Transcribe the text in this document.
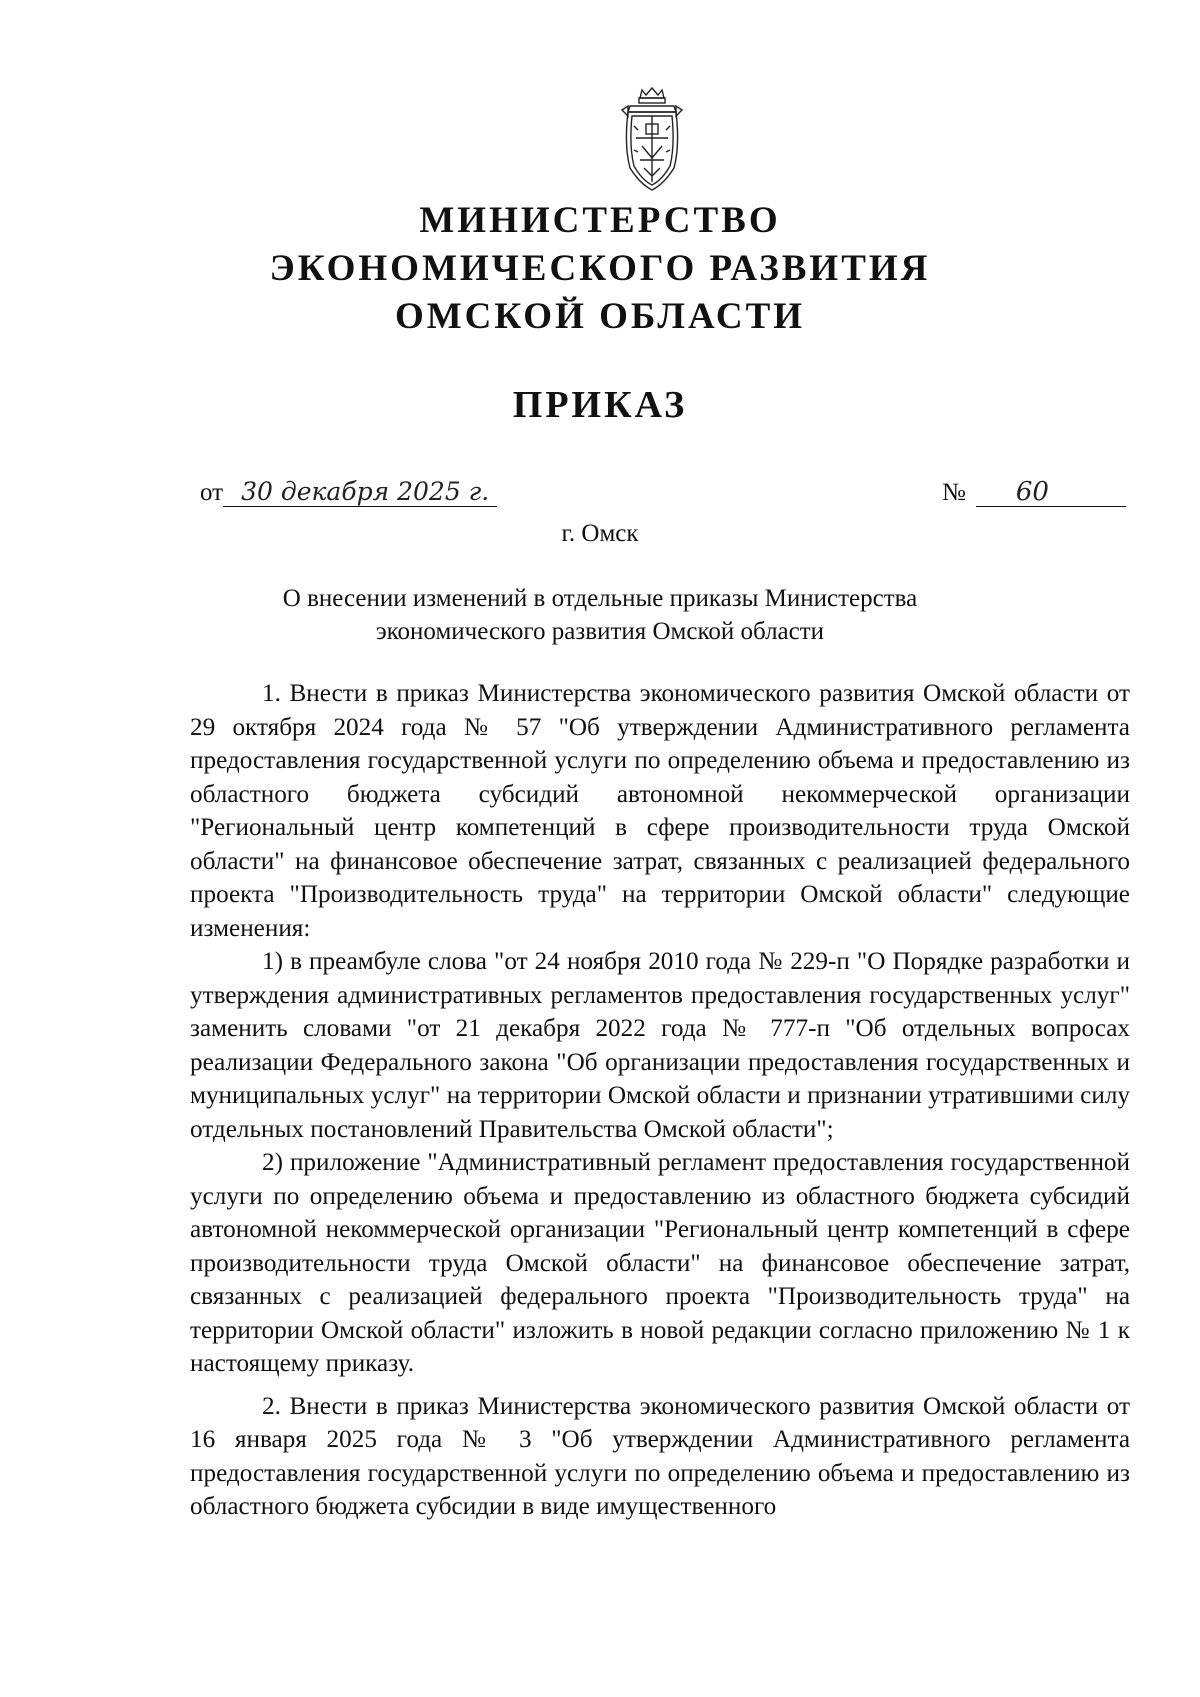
МИНИСТЕРСТВО
ЭКОНОМИЧЕСКОГО РАЗВИТИЯ
ОМСКОЙ ОБЛАСТИ
ПРИКАЗ
от 30 декабря 2025 г.	№	60
г. Омск
О внесении изменений в отдельные приказы Министерства
экономического развития Омской области

1. Внести в приказ Министерства экономического развития Омской области от 29 октября 2024 года № 57 "Об утверждении Административного регламента предоставления государственной услуги по определению объема и предоставлению из областного бюджета субсидий автономной некоммерческой организации "Региональный центр компетенций в сфере производительности труда Омской области" на финансовое обеспечение затрат, связанных с реализацией федерального проекта "Производительность труда" на территории Омской области" следующие изменения:

1) в преамбуле слова "от 24 ноября 2010 года № 229-п "О Порядке разработки и утверждения административных регламентов предоставления государственных услуг" заменить словами "от 21 декабря 2022 года № 777-п "Об отдельных вопросах реализации Федерального закона "Об организации предоставления государственных и муниципальных услуг" на территории Омской области и признании утратившими силу отдельных постановлений Правительства Омской области";

2) приложение "Административный регламент предоставления государственной услуги по определению объема и предоставлению из областного бюджета субсидий автономной некоммерческой организации "Региональный центр компетенций в сфере производительности труда Омской области" на финансовое обеспечение затрат, связанных с реализацией федерального проекта "Производительность труда" на территории Омской области" изложить в новой редакции согласно приложению № 1 к настоящему приказу.

2. Внести в приказ Министерства экономического развития Омской области от 16 января 2025 года № 3 "Об утверждении Административного регламента предоставления государственной услуги по определению объема и предоставлению из областного бюджета субсидии в виде имущественного
